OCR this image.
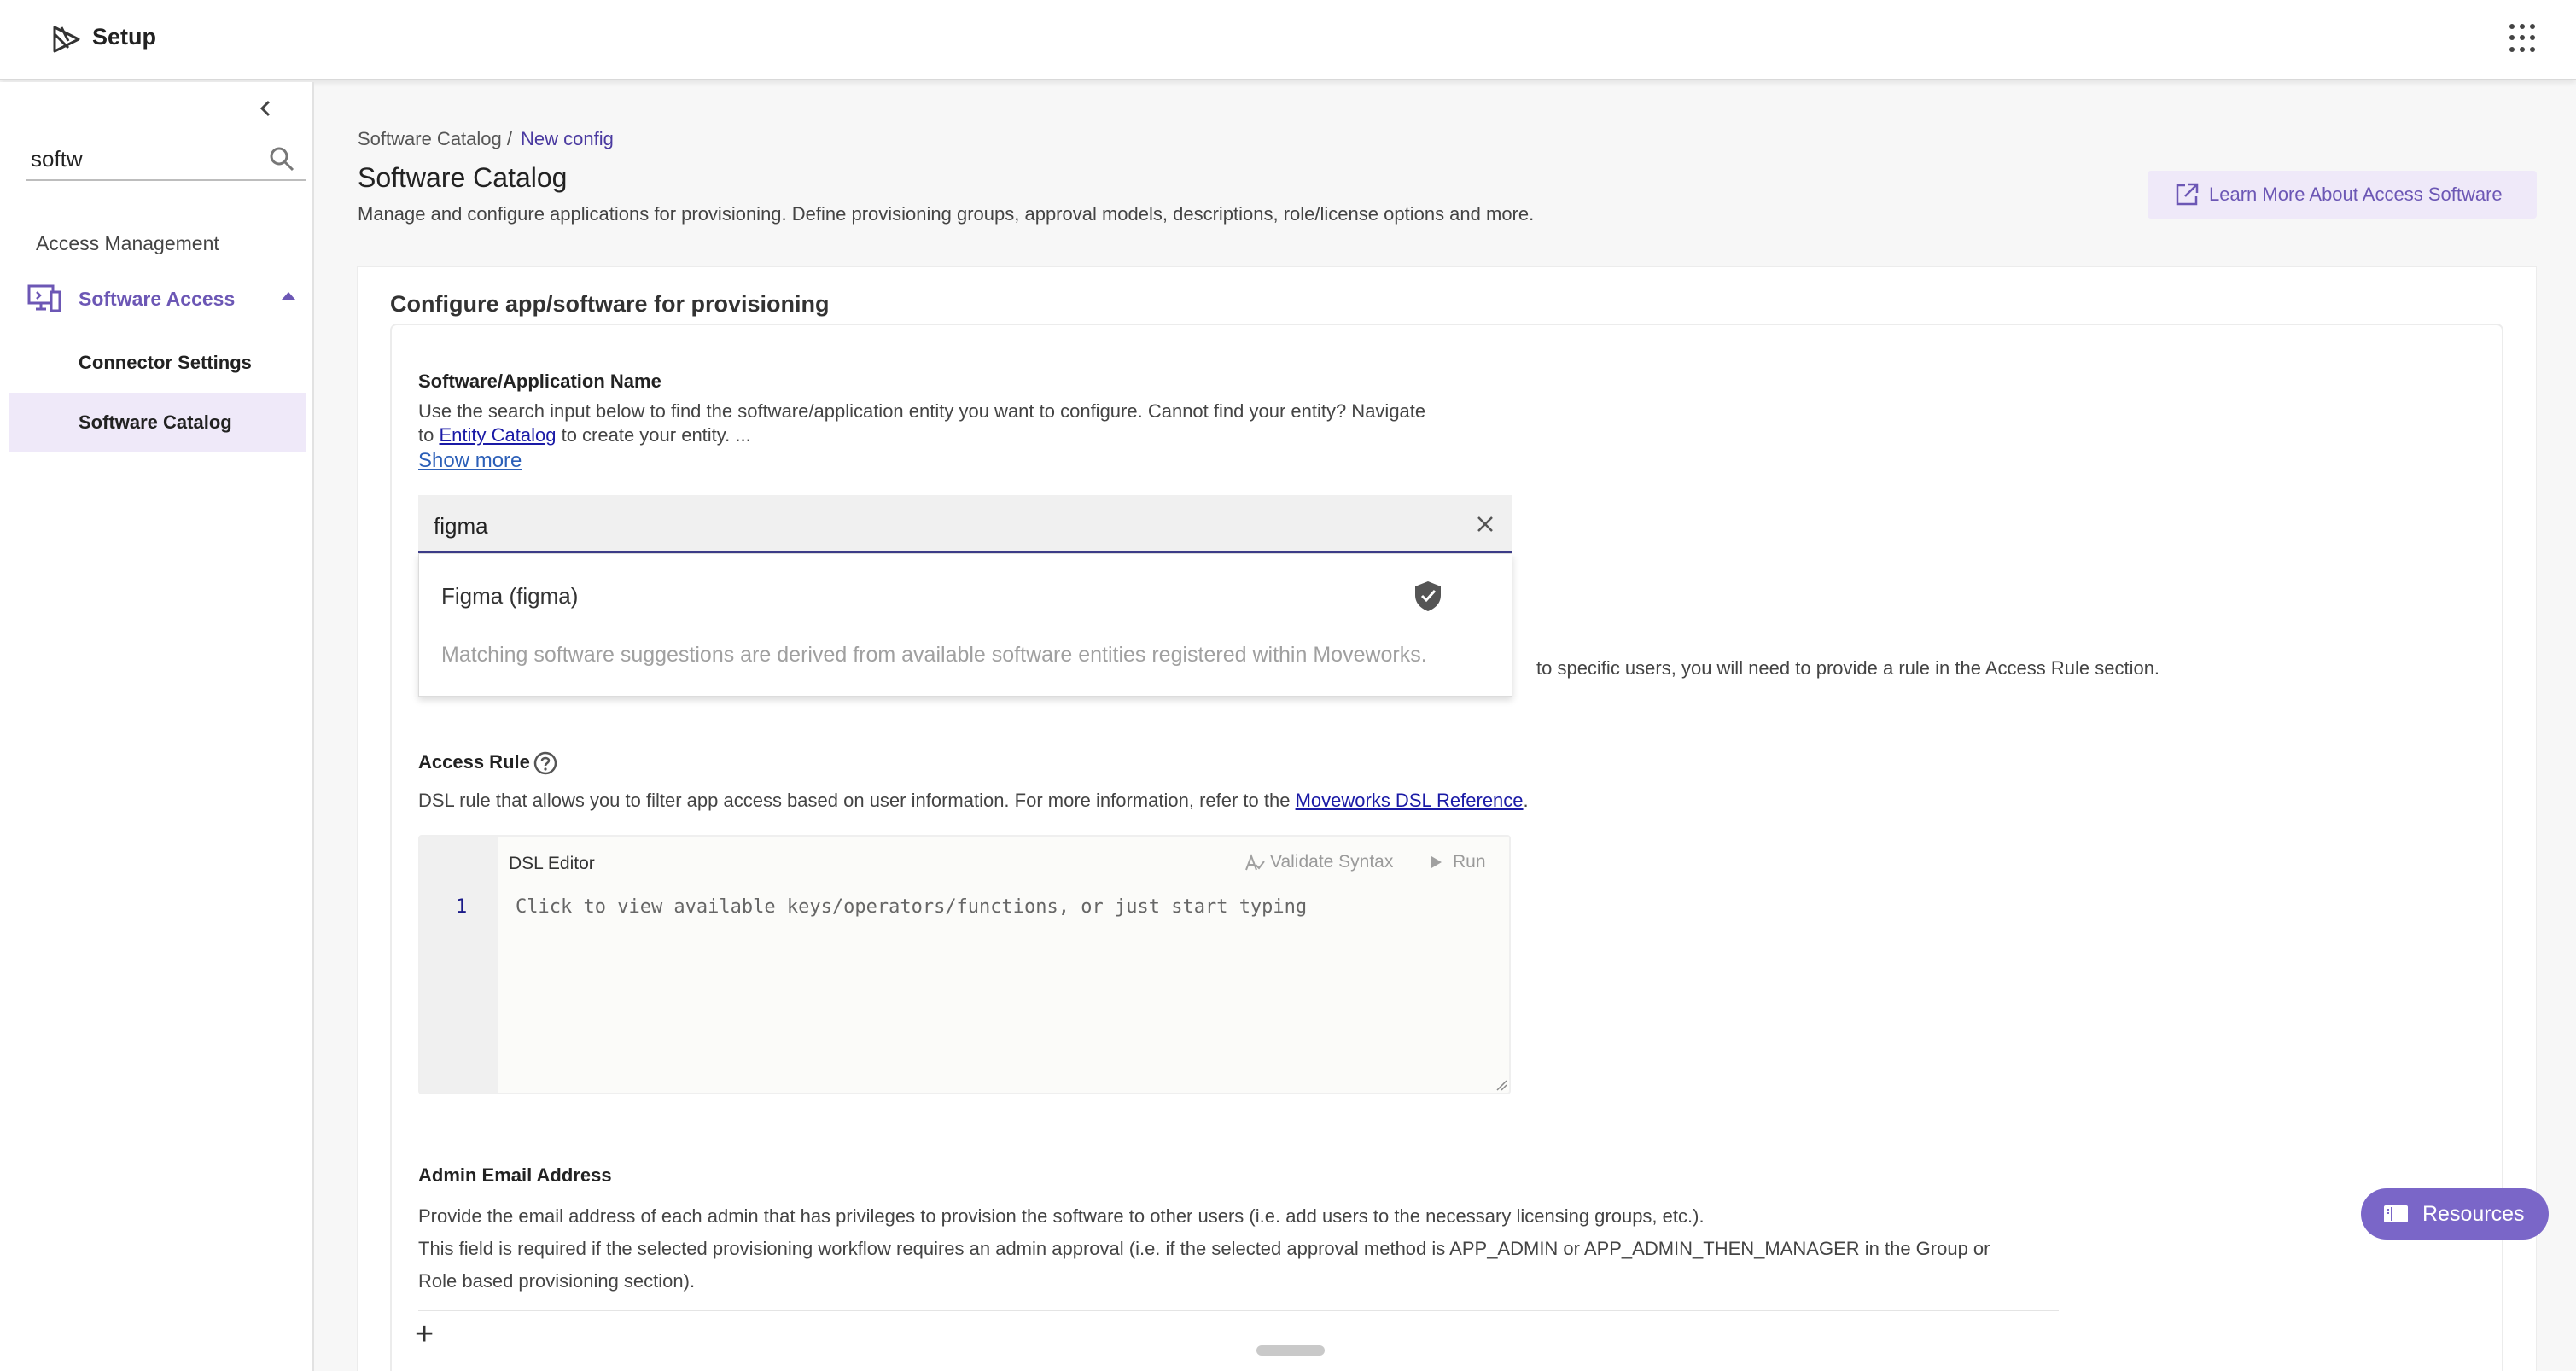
Setup
softw
Access Management
Software Access
Connector Settings
Software Catalog
Software Catalog / New config
Software Catalog
Manage and configure applications for provisioning. Define provisioning groups, approval models, descriptions, role/license options and more.
Learn More About Access Software
Configure app/software for provisioning
Software/Application Name
Use the search input below to find the software/application entity you want to configure. Cannot find your entity? Navigate
to Entity Catalog to create your entity. ...
Show more
figma
Figma (figma)
Matching software suggestions are derived from available software entities registered within Moveworks.
to specific users, you will need to provide a rule in the Access Rule section.
Access Rule
DSL rule that allows you to filter app access based on user information. For more information, refer to the Moveworks DSL Reference.
1
DSL Editor	Validate Syntax	Run
Click to view available keys/operators/functions, or just start typing
Admin Email Address
Provide the email address of each admin that has privileges to provision the software to other users (i.e. add users to the necessary licensing groups, etc.).
This field is required if the selected provisioning workflow requires an admin approval (i.e. if the selected approval method is APP_ADMIN or APP_ADMIN_THEN_MANAGER in the Group or
Role based provisioning section).
+
Resources
